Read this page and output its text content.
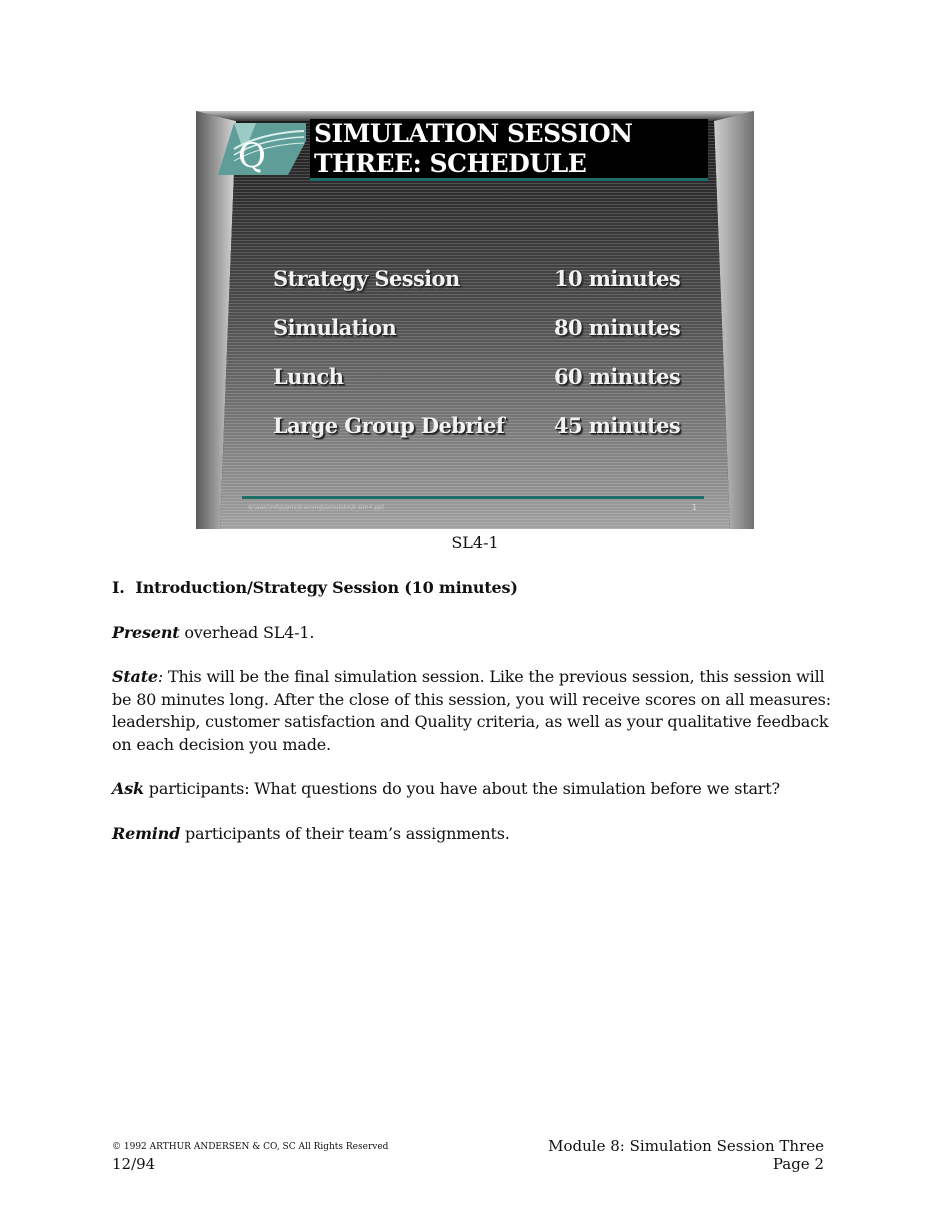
Q
SIMULATION SESSION
THREE: SCHEDULE
Strategy Session	10 minutes
Simulation	80 minutes
Lunch	60 minutes
Large Group Debrief 45 minutes
q:\aaic\mfg\qms\training\simulate\9-sim4.ppt	1
SL4-1
I. Introduction/Strategy Session (10 minutes)
Present overhead SL4-1.
State: This will be the final simulation session. Like the previous session, this session will be 80 minutes long. After the close of this session, you will receive scores on all measures: leadership, customer satisfaction and Quality criteria, as well as your qualitative feedback on each decision you made.
Ask participants: What questions do you have about the simulation before we start?
Remind participants of their team’s assignments.
© 1992 ARTHUR ANDERSEN & CO, SC All Rights Reserved
12/94
Module 8: Simulation Session Three
Page 2
